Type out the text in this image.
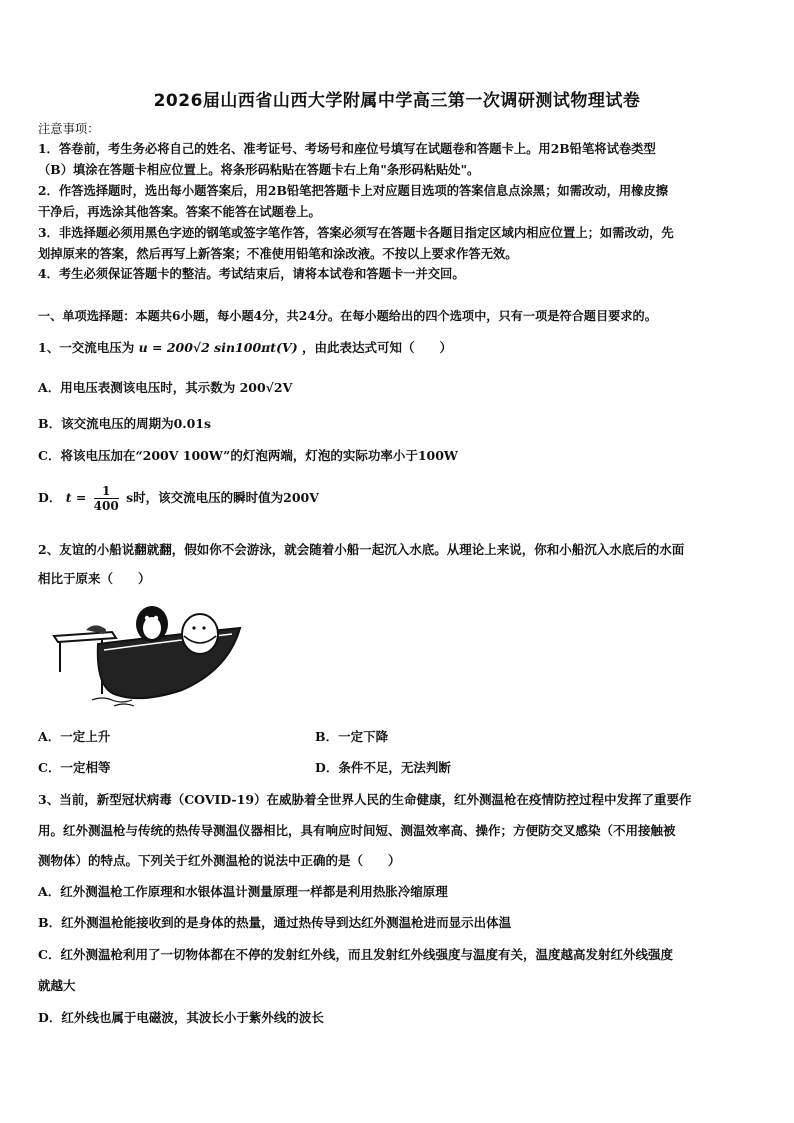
2026届山西省山西大学附属中学高三第一次调研测试物理试卷
注意事项：
1．答卷前，考生务必将自己的姓名、准考证号、考场号和座位号填写在试题卷和答题卡上。用2B铅笔将试卷类型
（B）填涂在答题卡相应位置上。将条形码粘贴在答题卡右上角"条形码粘贴处"。
2．作答选择题时，选出每小题答案后，用2B铅笔把答题卡上对应题目选项的答案信息点涂黑；如需改动，用橡皮擦
干净后，再选涂其他答案。答案不能答在试题卷上。
3．非选择题必须用黑色字迹的钢笔或签字笔作答，答案必须写在答题卡各题目指定区域内相应位置上；如需改动，先
划掉原来的答案，然后再写上新答案；不准使用铅笔和涂改液。不按以上要求作答无效。
4．考生必须保证答题卡的整洁。考试结束后，请将本试卷和答题卡一并交回。
一、单项选择题：本题共6小题，每小题4分，共24分。在每小题给出的四个选项中，只有一项是符合题目要求的。
1、一交流电压为 u = 200√2 sin100πt(V) ，由此表达式可知（　　）
A．用电压表测该电压时，其示数为 200√2V
B．该交流电压的周期为0.01s
C．将该电压加在“200V 100W”的灯泡两端，灯泡的实际功率小于100W
D． $t = \frac{1}{400}$ s时，该交流电压的瞬时值为200V
2、友谊的小船说翻就翻，假如你不会游泳，就会随着小船一起沉入水底。从理论上来说，你和小船沉入水底后的水面
相比于原来（　　）
A．一定上升	B．一定下降
C．一定相等	D．条件不足，无法判断
3、当前，新型冠状病毒（COVID-19）在威胁着全世界人民的生命健康，红外测温枪在疫情防控过程中发挥了重要作
用。红外测温枪与传统的热传导测温仪器相比，具有响应时间短、测温效率高、操作；方便防交叉感染（不用接触被
测物体）的特点。下列关于红外测温枪的说法中正确的是（　　）
A．红外测温枪工作原理和水银体温计测量原理一样都是利用热胀冷缩原理
B．红外测温枪能接收到的是身体的热量，通过热传导到达红外测温枪进而显示出体温
C．红外测温枪利用了一切物体都在不停的发射红外线，而且发射红外线强度与温度有关，温度越高发射红外线强度
就越大
D．红外线也属于电磁波，其波长小于紫外线的波长
